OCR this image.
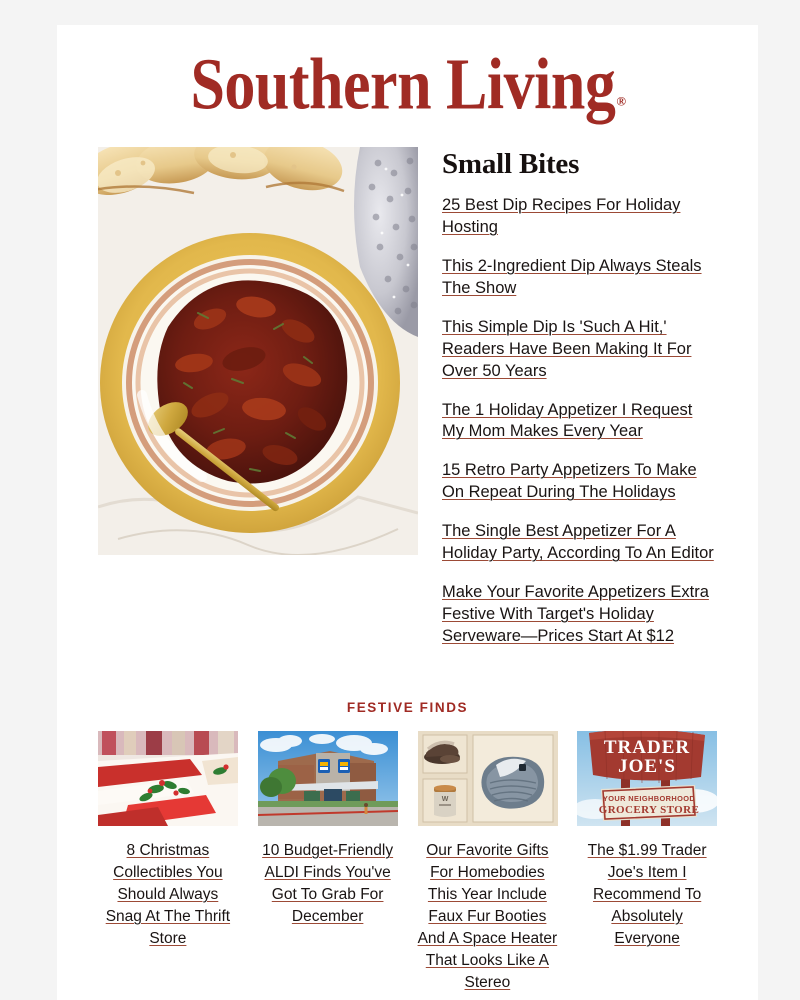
Southern Living®
Small Bites
25 Best Dip Recipes For Holiday Hosting
This 2-Ingredient Dip Always Steals The Show
This Simple Dip Is 'Such A Hit,' Readers Have Been Making It For Over 50 Years
The 1 Holiday Appetizer I Request My Mom Makes Every Year
15 Retro Party Appetizers To Make On Repeat During The Holidays
The Single Best Appetizer For A Holiday Party, According To An Editor
Make Your Favorite Appetizers Extra Festive With Target's Holiday Serveware—Prices Start At $12
FESTIVE FINDS
8 Christmas Collectibles You Should Always Snag At The Thrift Store
10 Budget-Friendly ALDI Finds You've Got To Grab For December
W
Our Favorite Gifts For Homebodies This Year Include Faux Fur Booties And A Space Heater That Looks Like A Stereo
TRADER
JOE'S
YOUR NEIGHBORHOOD
GROCERY STORE
The $1.99 Trader Joe's Item I Recommend To Absolutely Everyone
